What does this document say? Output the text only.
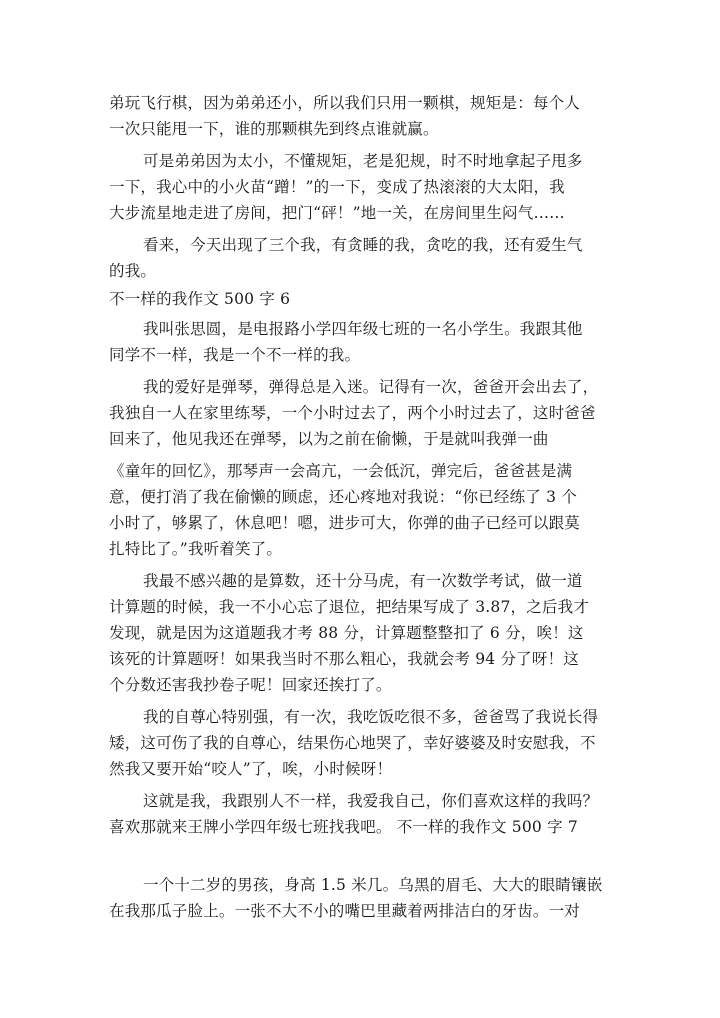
弟玩飞行棋，因为弟弟还小，所以我们只用一颗棋，规矩是：每个人
一次只能甩一下，谁的那颗棋先到终点谁就赢。
可是弟弟因为太小，不懂规矩，老是犯规，时不时地拿起子甩多
一下，我心中的小火苗“蹭！”的一下，变成了热滚滚的大太阳，我
大步流星地走进了房间，把门“砰！”地一关，在房间里生闷气……
看来，今天出现了三个我，有贪睡的我，贪吃的我，还有爱生气
的我。
不一样的我作文 500 字 6
我叫张思圆，是电报路小学四年级七班的一名小学生。我跟其他
同学不一样，我是一个不一样的我。
我的爱好是弹琴，弹得总是入迷。记得有一次，爸爸开会出去了，
我独自一人在家里练琴，一个小时过去了，两个小时过去了，这时爸爸
回来了，他见我还在弹琴，以为之前在偷懒，于是就叫我弹一曲
《童年的回忆》，那琴声一会高亢，一会低沉，弹完后，爸爸甚是满
意，便打消了我在偷懒的顾虑，还心疼地对我说：“你已经练了 3 个
小时了，够累了，休息吧！嗯，进步可大，你弹的曲子已经可以跟莫
扎特比了。”我听着笑了。
我最不感兴趣的是算数，还十分马虎，有一次数学考试，做一道
计算题的时候，我一不小心忘了退位，把结果写成了 3.87，之后我才
发现，就是因为这道题我才考 88 分，计算题整整扣了 6 分，唉！这
该死的计算题呀！如果我当时不那么粗心，我就会考 94 分了呀！这
个分数还害我抄卷子呢！回家还挨打了。
我的自尊心特别强，有一次，我吃饭吃很不多，爸爸骂了我说长得
矮，这可伤了我的自尊心，结果伤心地哭了，幸好婆婆及时安慰我，不
然我又要开始“咬人”了，唉，小时候呀！
这就是我，我跟别人不一样，我爱我自己，你们喜欢这样的我吗？
喜欢那就来王牌小学四年级七班找我吧。 不一样的我作文 500 字 7
一个十二岁的男孩，身高 1.5 米几。乌黑的眉毛、大大的眼睛镶嵌
在我那瓜子脸上。一张不大不小的嘴巴里藏着两排洁白的牙齿。一对
